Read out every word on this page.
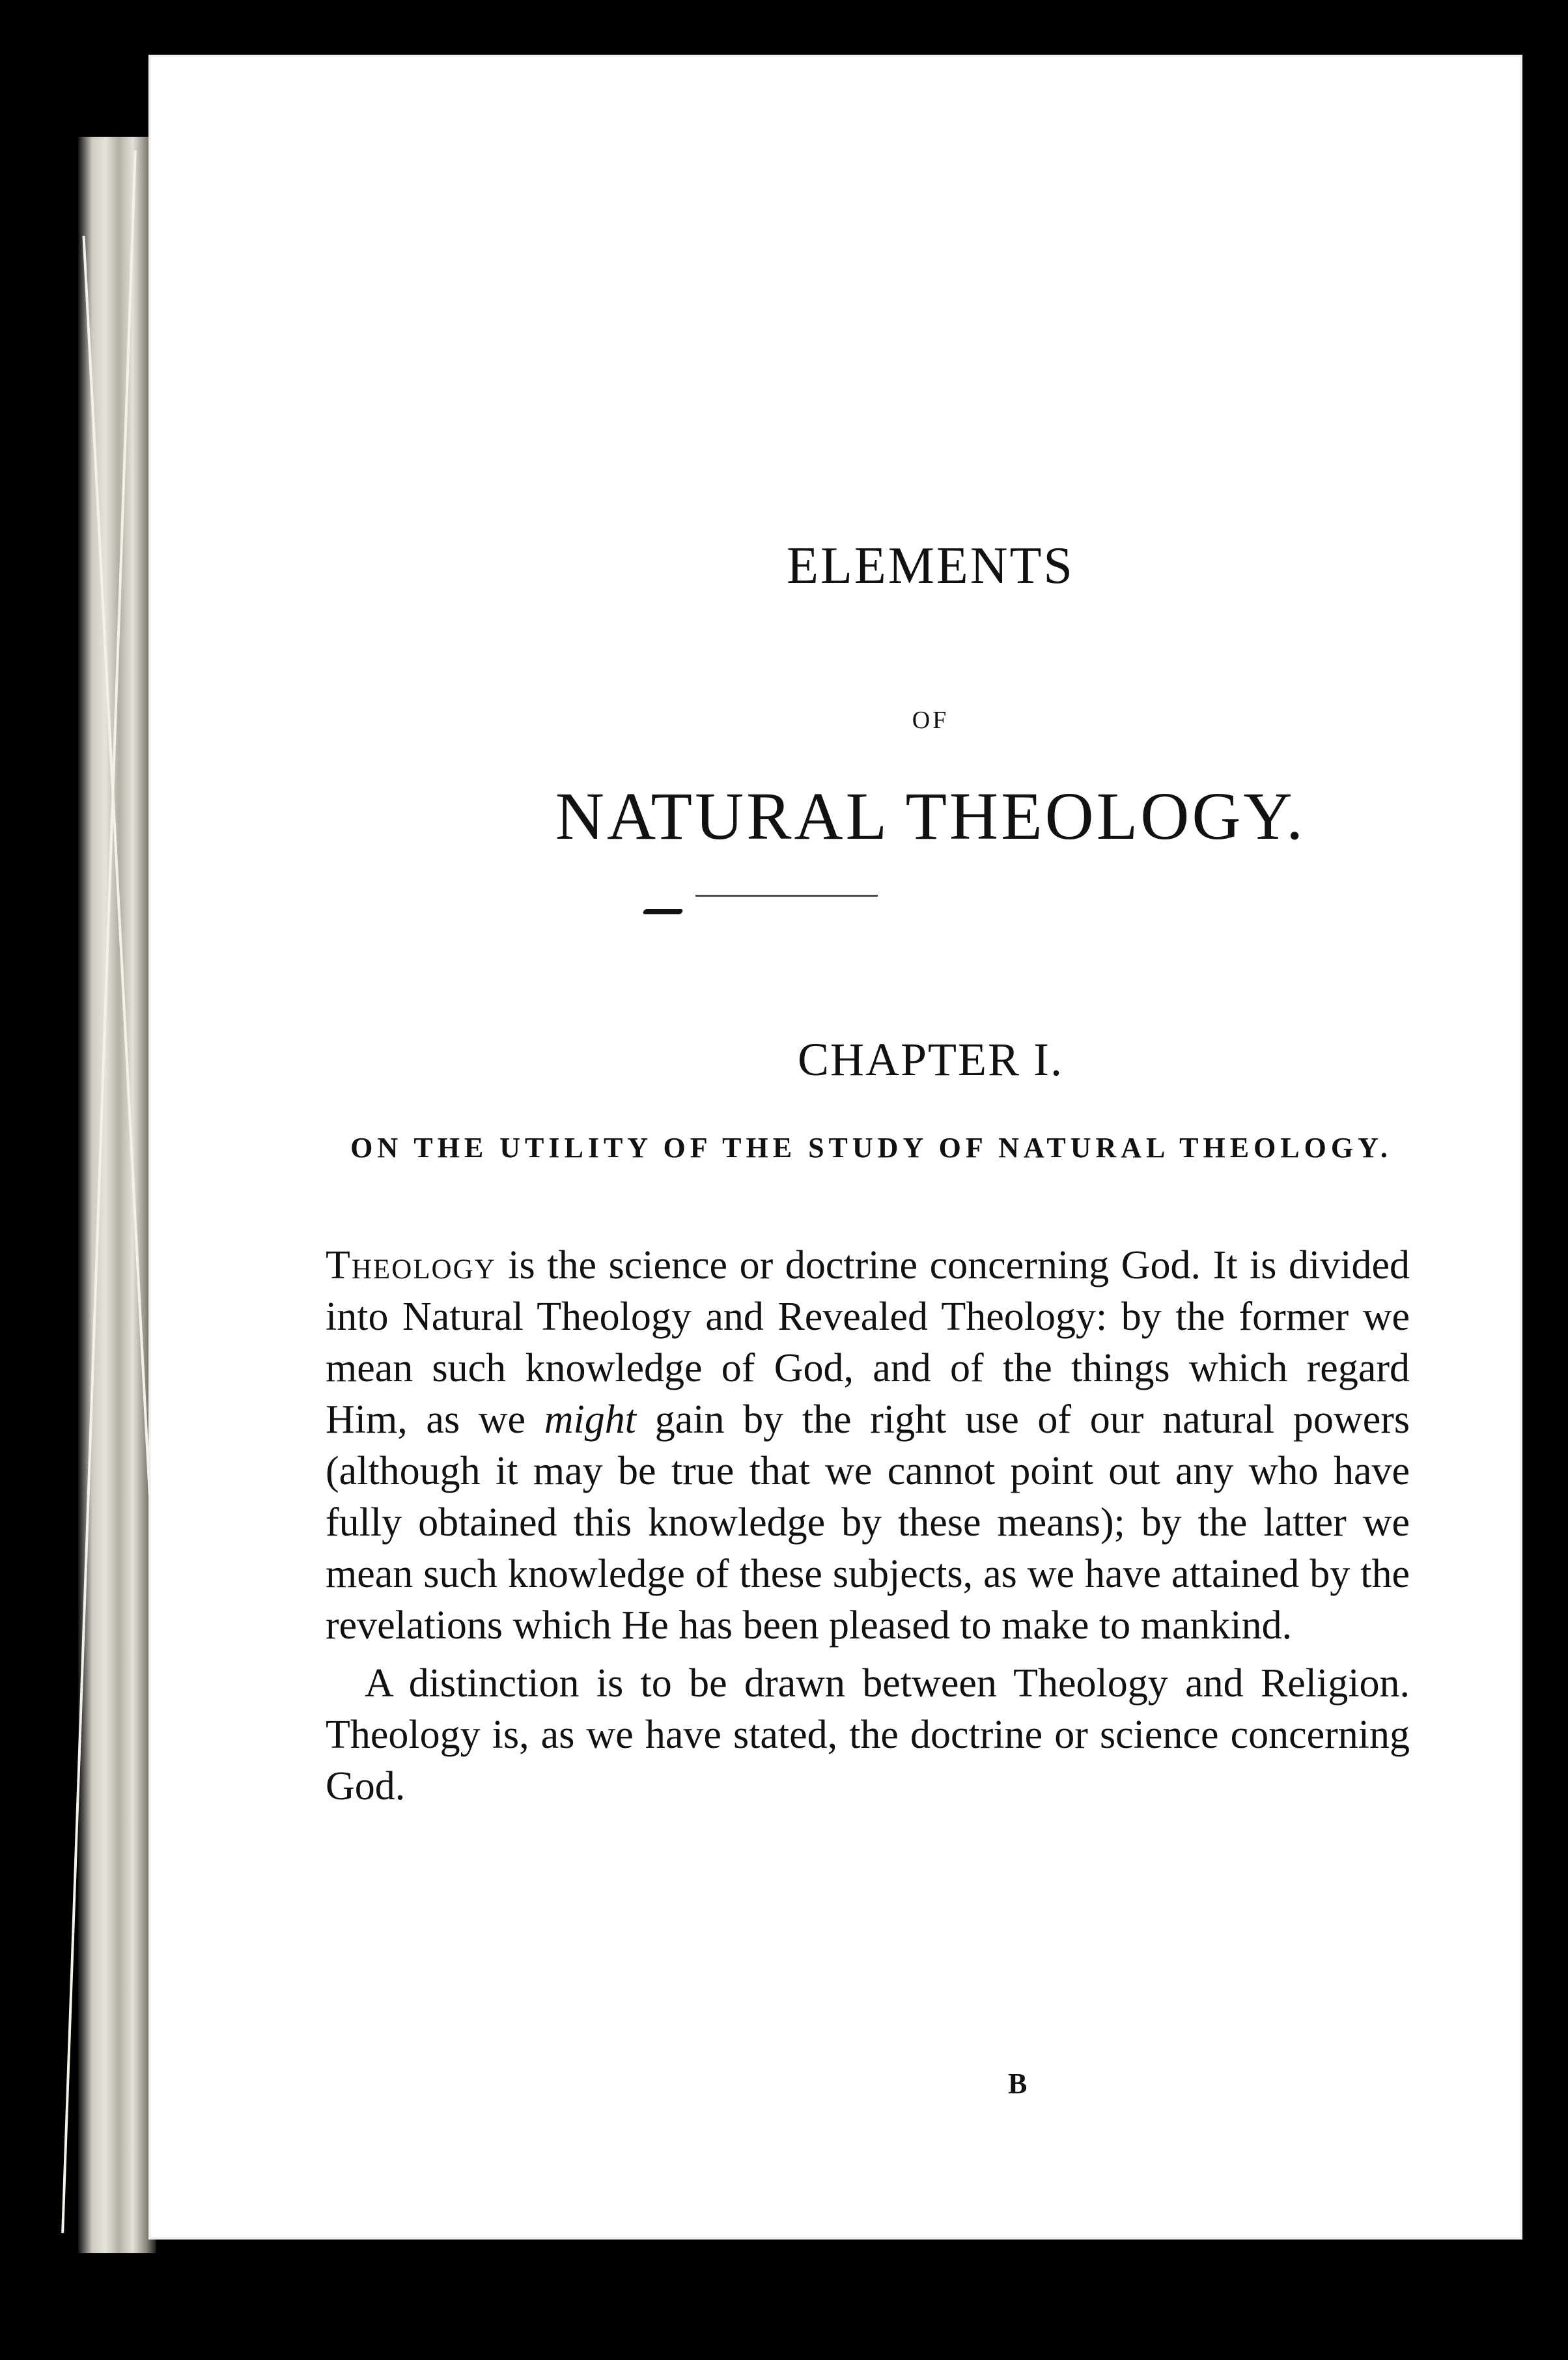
ELEMENTS
OF
NATURAL THEOLOGY.
CHAPTER I.
ON THE UTILITY OF THE STUDY OF NATURAL THEOLOGY.

Theology is the science or doctrine concerning God. It is divided into Natural Theology and Revealed Theology: by the former we mean such knowledge of God, and of the things which regard Him, as we might gain by the right use of our natural powers (although it may be true that we cannot point out any who have fully obtained this knowledge by these means); by the latter we mean such knowledge of these subjects, as we have attained by the revelations which He has been pleased to make to mankind.

A distinction is to be drawn between Theology and Religion. Theology is, as we have stated, the doctrine or science concerning God.

B
